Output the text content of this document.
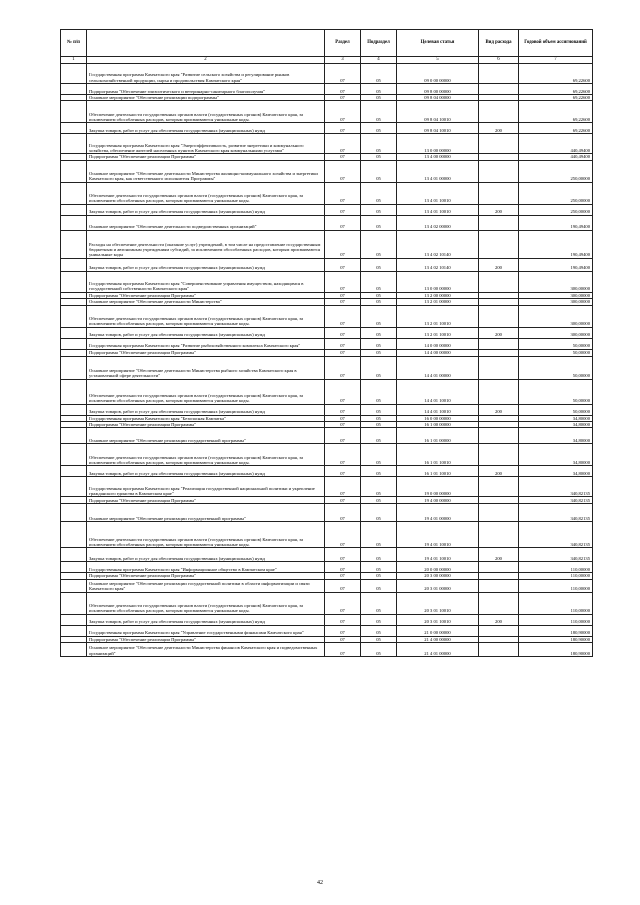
№ п/п		Раздел	Подраздел	Целевая статья	Вид расхода	Годовой объем ассигнований
1	2	3	4	5	6	7
	Государственная программа Камчатского края "Развитие сельского хозяйства и регулирование рынков сельскохозяйственной продукции, сырья и продовольствия Камчатского края"	07	05	09 0 00 00000		69,22600
	Подпрограмма "Обеспечение эпизоотического и ветеринарно-санитарного благополучия"	07	05	09 8 00 00000		69,22600
	Основное мероприятие "Обеспечение реализации подпрограммы"	07	05	09 8 04 00000		69,22600
	Обеспечение деятельности государственных органов власти (государственных органов) Камчатского края, за исключением обособленных расходов, которым присваиваются уникальные коды.	07	05	09 8 04 10010		69,22600
	Закупка товаров, работ и услуг для обеспечения государственных (муниципальных) нужд	07	05	09 8 04 10010	200	69,22600
	Государственная программа Камчатского края "Энергоэффективность, развитие энергетики и коммунального хозяйства, обеспечение жителей населенных пунктов Камчатского края коммунальными услугами"	07	05	13 0 00 00000		440,49400
	Подпрограмма "Обеспечение реализации Программы"	07	05	13 4 00 00000		440,49400
	Основное мероприятие "Обеспечение деятельности Министерства жилищно-коммунального хозяйства и энергетики Камчатского края, как ответственного исполнителя Программы"	07	05	13 4 01 00000		250,00000
	Обеспечение деятельности государственных органов власти (государственных органов) Камчатского края, за исключением обособленных расходов, которым присваиваются уникальные коды.	07	05	13 4 01 10010		250,00000
	Закупка товаров, работ и услуг для обеспечения государственных (муниципальных) нужд	07	05	13 4 01 10010	200	250,00000
	Основное мероприятие "Обеспечение деятельности подведомственных организаций"	07	05	13 4 02 00000		190,49400
	Расходы на обеспечение деятельности (оказание услуг) учреждений, в том числе на предоставление государственным бюджетным и автономным учреждениям субсидий, за исключением обособленных расходов, которым присваиваются уникальные коды	07	05	13 4 02 10140		190,49400
	Закупка товаров, работ и услуг для обеспечения государственных (муниципальных) нужд	07	05	13 4 02 10140	200	190,49400
	Государственная программа Камчатского края "Совершенствование управления имуществом, находящимся в государственной собственности Камчатского края"	07	05	13 0 00 00000		300,00000
	Подпрограмма "Обеспечение реализации Программы"	07	05	13 2 00 00000		300,00000
	Основное мероприятие "Обеспечение деятельности Министерства"	07	05	13 2 01 00000		300,00000
	Обеспечение деятельности государственных органов власти (государственных органов) Камчатского края, за исключением обособленных расходов, которым присваиваются уникальные коды.	07	05	13 2 01 10010		300,00000
	Закупка товаров, работ и услуг для обеспечения государственных (муниципальных) нужд	07	05	13 2 01 10010	200	300,00000
	Государственная программа Камчатского края "Развитие рыбохозяйственного комплекса Камчатского края"	07	05	14 0 00 00000		50,00000
	Подпрограмма "Обеспечение реализации Программы"	07	05	14 4 00 00000		50,00000
	Основное мероприятие "Обеспечение деятельности Министерства рыбного хозяйства Камчатского края в установленной сфере деятельности"	07	05	14 4 01 00000		50,00000
	Обеспечение деятельности государственных органов власти (государственных органов) Камчатского края, за исключением обособленных расходов, которым присваиваются уникальные коды.	07	05	14 4 01 10010		50,00000
	Закупка товаров, работ и услуг для обеспечения государственных (муниципальных) нужд	07	05	14 4 01 10010	200	50,00000
	Государственная программа Камчатского края "Безопасная Камчатка"	07	05	16 0 00 00000		34,80000
	Подпрограмма "Обеспечение реализации Программы"	07	05	16 1 00 00000		34,80000
	Основное мероприятие "Обеспечение реализации государственной программы"	07	05	16 1 01 00000		34,80000
	Обеспечение деятельности государственных органов власти (государственных органов) Камчатского края, за исключением обособленных расходов, которым присваиваются уникальные коды.	07	05	16 1 01 10010		34,80000
	Закупка товаров, работ и услуг для обеспечения государственных (муниципальных) нужд	07	05	16 1 01 10010	200	34,80000
	Государственная программа Камчатского края "Реализация государственной национальной политики и укрепление гражданского единства в Камчатском крае"	07	05	19 0 00 00000		340,82135
	Подпрограмма "Обеспечение реализации Программы"	07	05	19 4 00 00000		340,82135
	Основное мероприятие "Обеспечение реализации государственной программы"	07	05	19 4 01 00000		340,82135
	Обеспечение деятельности государственных органов власти (государственных органов) Камчатского края, за исключением обособленных расходов, которым присваиваются уникальные коды.	07	05	19 4 01 10010		340,82135
	Закупка товаров, работ и услуг для обеспечения государственных (муниципальных) нужд	07	05	19 4 01 10010	200	340,82135
	Государственная программа Камчатского края "Информационное общество в Камчатском крае"	07	05	20 0 00 00000		110,00000
	Подпрограмма "Обеспечение реализации Программы"	07	05	20 3 00 00000		110,00000
	Основное мероприятие "Обеспечение реализации государственной политики в области информатизации и связи Камчатского края"	07	05	20 3 01 00000		110,00000
	Обеспечение деятельности государственных органов власти (государственных органов) Камчатского края, за исключением обособленных расходов, которым присваиваются уникальные коды.	07	05	20 3 01 10010		110,00000
	Закупка товаров, работ и услуг для обеспечения государственных (муниципальных) нужд	07	05	20 3 01 10010	200	110,00000
	Государственная программа Камчатского края "Управление государственными финансами Камчатского края"	07	05	21 0 00 00000		180,90000
	Подпрограмма "Обеспечение реализации Программы"	07	05	21 4 00 00000		180,90000
	Основное мероприятие "Обеспечение деятельности Министерства финансов Камчатского края и подведомственных организаций"	07	05	21 4 01 00000		180,90000
42
